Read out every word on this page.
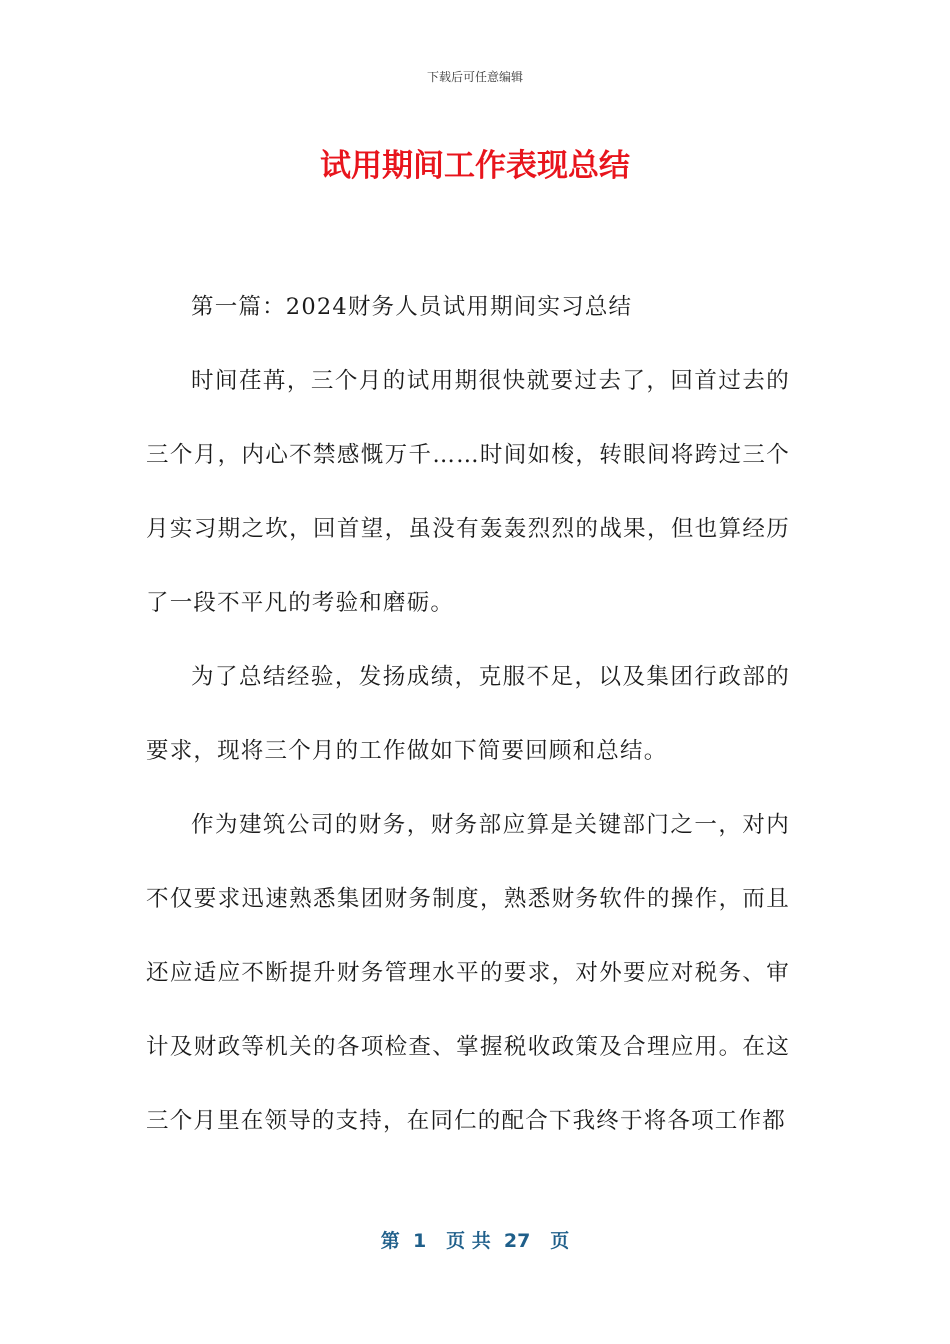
下载后可任意编辑
试用期间工作表现总结

第一篇：2024财务人员试用期间实习总结

时间荏苒，三个月的试用期很快就要过去了，回首过去的三个月，内心不禁感慨万千……时间如梭，转眼间将跨过三个月实习期之坎，回首望，虽没有轰轰烈烈的战果，但也算经历了一段不平凡的考验和磨砺。

为了总结经验，发扬成绩，克服不足，以及集团行政部的要求，现将三个月的工作做如下简要回顾和总结。

作为建筑公司的财务，财务部应算是关键部门之一，对内不仅要求迅速熟悉集团财务制度，熟悉财务软件的操作，而且还应适应不断提升财务管理水平的要求，对外要应对税务、审计及财政等机关的各项检查、掌握税收政策及合理应用。在这三个月里在领导的支持，在同仁的配合下我终于将各项工作都

第  1   页 共  27   页
